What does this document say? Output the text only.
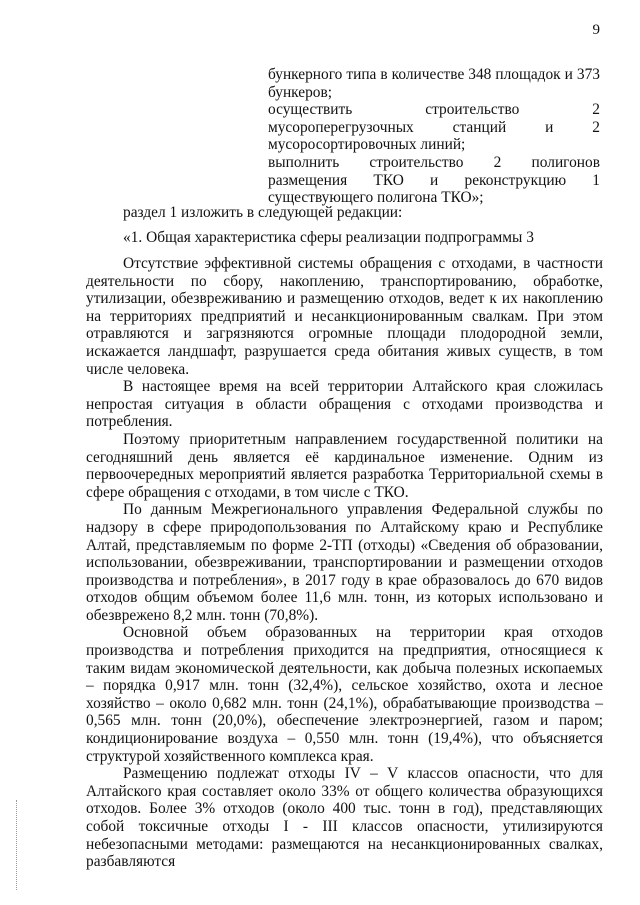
9

бункерного типа в количестве 348 площадок и 373 бункеров;

осуществить строительство 2 мусороперегрузочных станций и 2 мусоросортировочных линий;

выполнить строительство 2 полигонов размещения ТКО и реконструкцию 1 существующего полигона ТКО»;

раздел 1 изложить в следующей редакции:
«1. Общая характеристика сферы реализации подпрограммы 3

Отсутствие эффективной системы обращения с отходами, в частности деятельности по сбору, накоплению, транспортированию, обработке, утилизации, обезвреживанию и размещению отходов, ведет к их накоплению на территориях предприятий и несанкционированным свалкам. При этом отравляются и загрязняются огромные площади плодородной земли, искажается ландшафт, разрушается среда обитания живых существ, в том числе человека.

В настоящее время на всей территории Алтайского края сложилась непростая ситуация в области обращения с отходами производства и потребления.

Поэтому приоритетным направлением государственной политики на сегодняшний день является её кардинальное изменение. Одним из первоочередных мероприятий является разработка Территориальной схемы в сфере обращения с отходами, в том числе с ТКО.

По данным Межрегионального управления Федеральной службы по надзору в сфере природопользования по Алтайскому краю и Республике Алтай, представляемым по форме 2-ТП (отходы) «Сведения об образовании, использовании, обезвреживании, транспортировании и размещении отходов производства и потребления», в 2017 году в крае образовалось до 670 видов отходов общим объемом более 11,6 млн. тонн, из которых использовано и обезврежено 8,2 млн. тонн (70,8%).

Основной объем образованных на территории края отходов производства и потребления приходится на предприятия, относящиеся к таким видам экономической деятельности, как добыча полезных ископаемых – порядка 0,917 млн. тонн (32,4%), сельское хозяйство, охота и лесное хозяйство – около 0,682 млн. тонн (24,1%), обрабатывающие производства – 0,565 млн. тонн (20,0%), обеспечение электроэнергией, газом и паром; кондиционирование воздуха – 0,550 млн. тонн (19,4%), что объясняется структурой хозяйственного комплекса края.

Размещению подлежат отходы IV – V классов опасности, что для Алтайского края составляет около 33% от общего количества образующихся отходов. Более 3% отходов (около 400 тыс. тонн в год), представляющих собой токсичные отходы I - III классов опасности, утилизируются небезопасными методами: размещаются на несанкционированных свалках, разбавляются
